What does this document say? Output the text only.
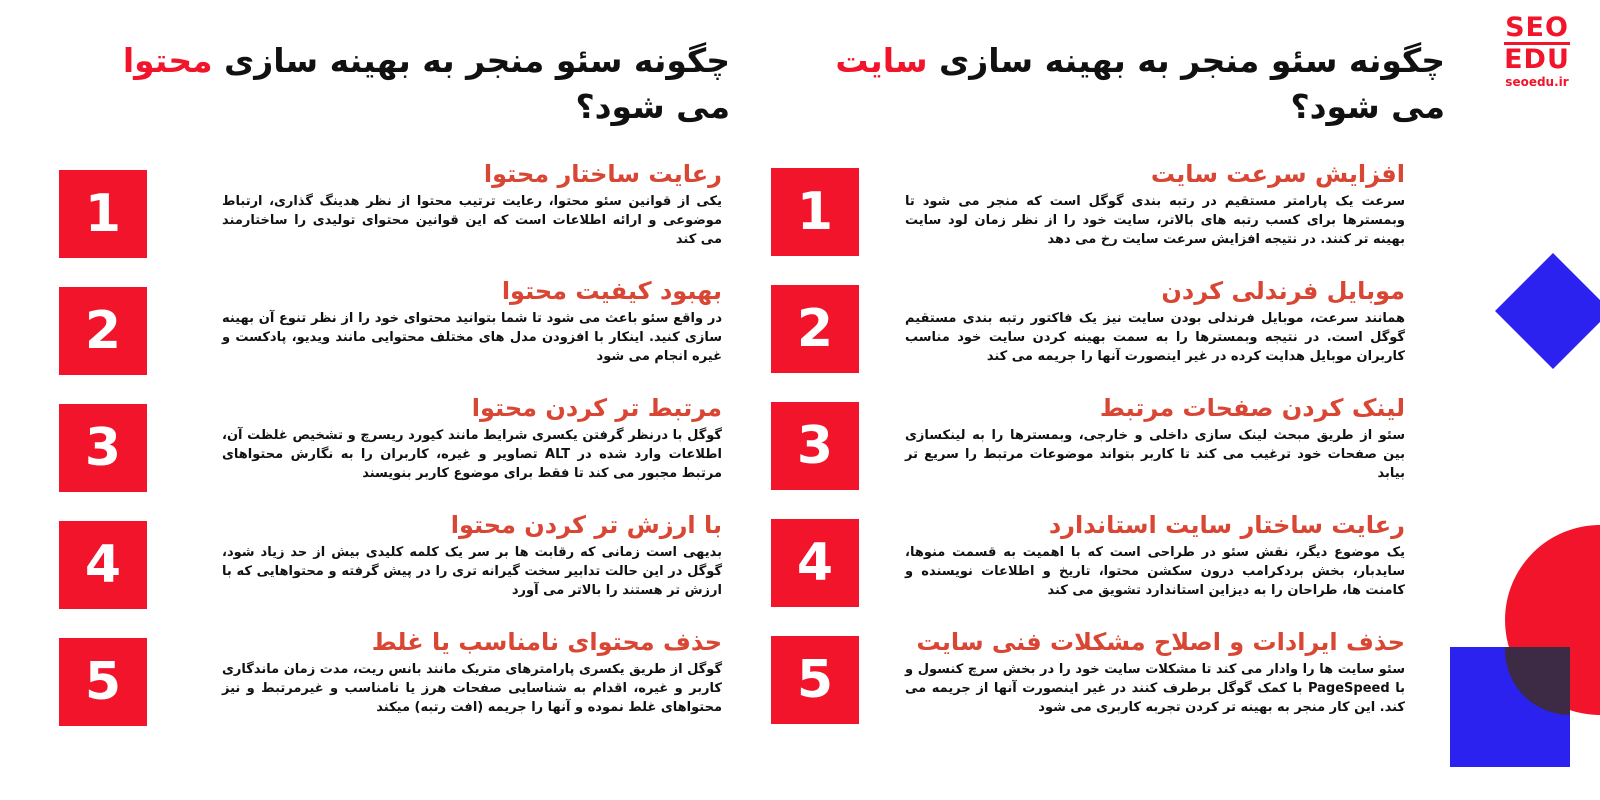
SEO
EDU
seoedu.ir
چگونه سئو منجر به بهینه سازی سایت می شود؟
چگونه سئو منجر به بهینه سازی محتوا می شود؟
1
افزایش سرعت سایت

سرعت یک پارامتر مستقیم در رتبه بندی گوگل است که منجر می شود تا وبمسترها برای کسب رتبه های بالاتر، سایت خود را از نظر زمان لود سایت بهینه تر کنند. در نتیجه افزایش سرعت سایت رخ می دهد

2
موبایل فرندلی کردن

همانند سرعت، موبایل فرندلی بودن سایت نیز یک فاکتور رتبه بندی مستقیم گوگل است. در نتیجه وبمسترها را به سمت بهینه کردن سایت خود مناسب کاربران موبایل هدایت کرده در غیر اینصورت آنها را جریمه می کند

3
لینک کردن صفحات مرتبط

سئو از طریق مبحث لینک سازی داخلی و خارجی، وبمسترها را به لینکسازی بین صفحات خود ترغیب می کند تا کاربر بتواند موضوعات مرتبط را سریع تر بیابد

4
رعایت ساختار سایت استاندارد

یک موضوع دیگر، نقش سئو در طراحی است که با اهمیت به قسمت منوها، سایدبار، بخش بردکرامب درون سکشن محتوا، تاریخ و اطلاعات نویسنده و کامنت ها، طراحان را به دیزاین استاندارد تشویق می کند

5
حذف ایرادات و اصلاح مشکلات فنی سایت

سئو سایت ها را وادار می کند تا مشکلات سایت خود را در بخش سرچ کنسول و با PageSpeed با کمک گوگل برطرف کنند در غیر اینصورت آنها از جریمه می کند. این کار منجر به بهینه تر کردن تجربه کاربری می شود

1
رعایت ساختار محتوا

یکی از قوانین سئو محتوا، رعایت ترتیب محتوا از نظر هدینگ گذاری، ارتباط موضوعی و ارائه اطلاعات است که این قوانین محتوای تولیدی را ساختارمند می کند

2
بهبود کیفیت محتوا

در واقع سئو باعث می شود تا شما بتوانید محتوای خود را از نظر تنوع آن بهینه سازی کنید. اینکار با افزودن مدل های مختلف محتوایی مانند ویدیو، پادکست و غیره انجام می شود

3
مرتبط تر کردن محتوا

گوگل با درنظر گرفتن یکسری شرایط مانند کیورد ریسرچ و تشخیص غلظت آن، اطلاعات وارد شده در ALT تصاویر و غیره، کاربران را به نگارش محتواهای مرتبط مجبور می کند تا فقط برای موضوع کاربر بنویسند

4
با ارزش تر کردن محتوا

بدیهی است زمانی که رقابت ها بر سر یک کلمه کلیدی بیش از حد زیاد شود، گوگل در این حالت تدابیر سخت گیرانه تری را در پیش گرفته و محتواهایی که با ارزش تر هستند را بالاتر می آورد

5
حذف محتوای نامناسب یا غلط

گوگل از طریق یکسری پارامترهای متریک مانند بانس ریت، مدت زمان ماندگاری کاربر و غیره، اقدام به شناسایی صفحات هرز یا نامناسب و غیرمرتبط و نیز محتواهای غلط نموده و آنها را جریمه (افت رتبه) میکند
